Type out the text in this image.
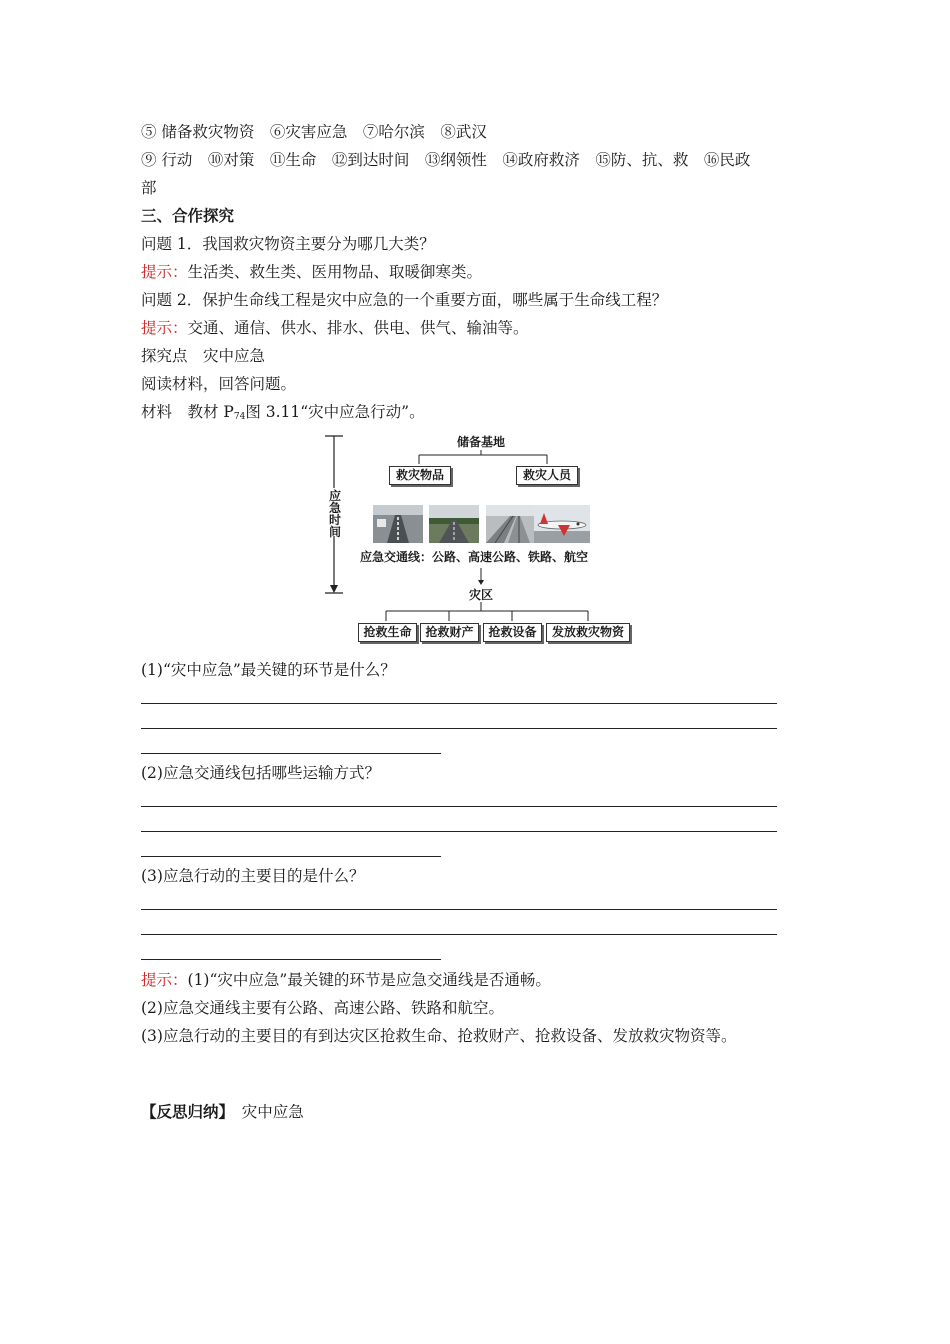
⑤ 储备救灾物资　⑥灾害应急　⑦哈尔滨　⑧武汉
⑨ 行动　⑩对策　⑪生命　⑫到达时间　⑬纲领性　⑭政府救济　⑮防、抗、救　⑯民政
部
三、合作探究
问题 1．我国救灾物资主要分为哪几大类？
提示：生活类、救生类、医用物品、取暖御寒类。
问题 2．保护生命线工程是灾中应急的一个重要方面，哪些属于生命线工程？
提示：交通、通信、供水、排水、供电、供气、输油等。
探究点　灾中应急
阅读材料，回答问题。
材料　教材 $P_{74}$图 3.11“灾中应急行动”。
应
急
时
间
储备基地
救灾物品	救灾人员
应急交通线：公路、高速公路、铁路、航空
灾区
抢救生命	抢救财产	抢救设备	发放救灾物资
(1)“灾中应急”最关键的环节是什么？
(2)应急交通线包括哪些运输方式？
(3)应急行动的主要目的是什么？
提示：(1)“灾中应急”最关键的环节是应急交通线是否通畅。
(2)应急交通线主要有公路、高速公路、铁路和航空。
(3)应急行动的主要目的有到达灾区抢救生命、抢救财产、抢救设备、发放救灾物资等。
【反思归纳】　 灾中应急
